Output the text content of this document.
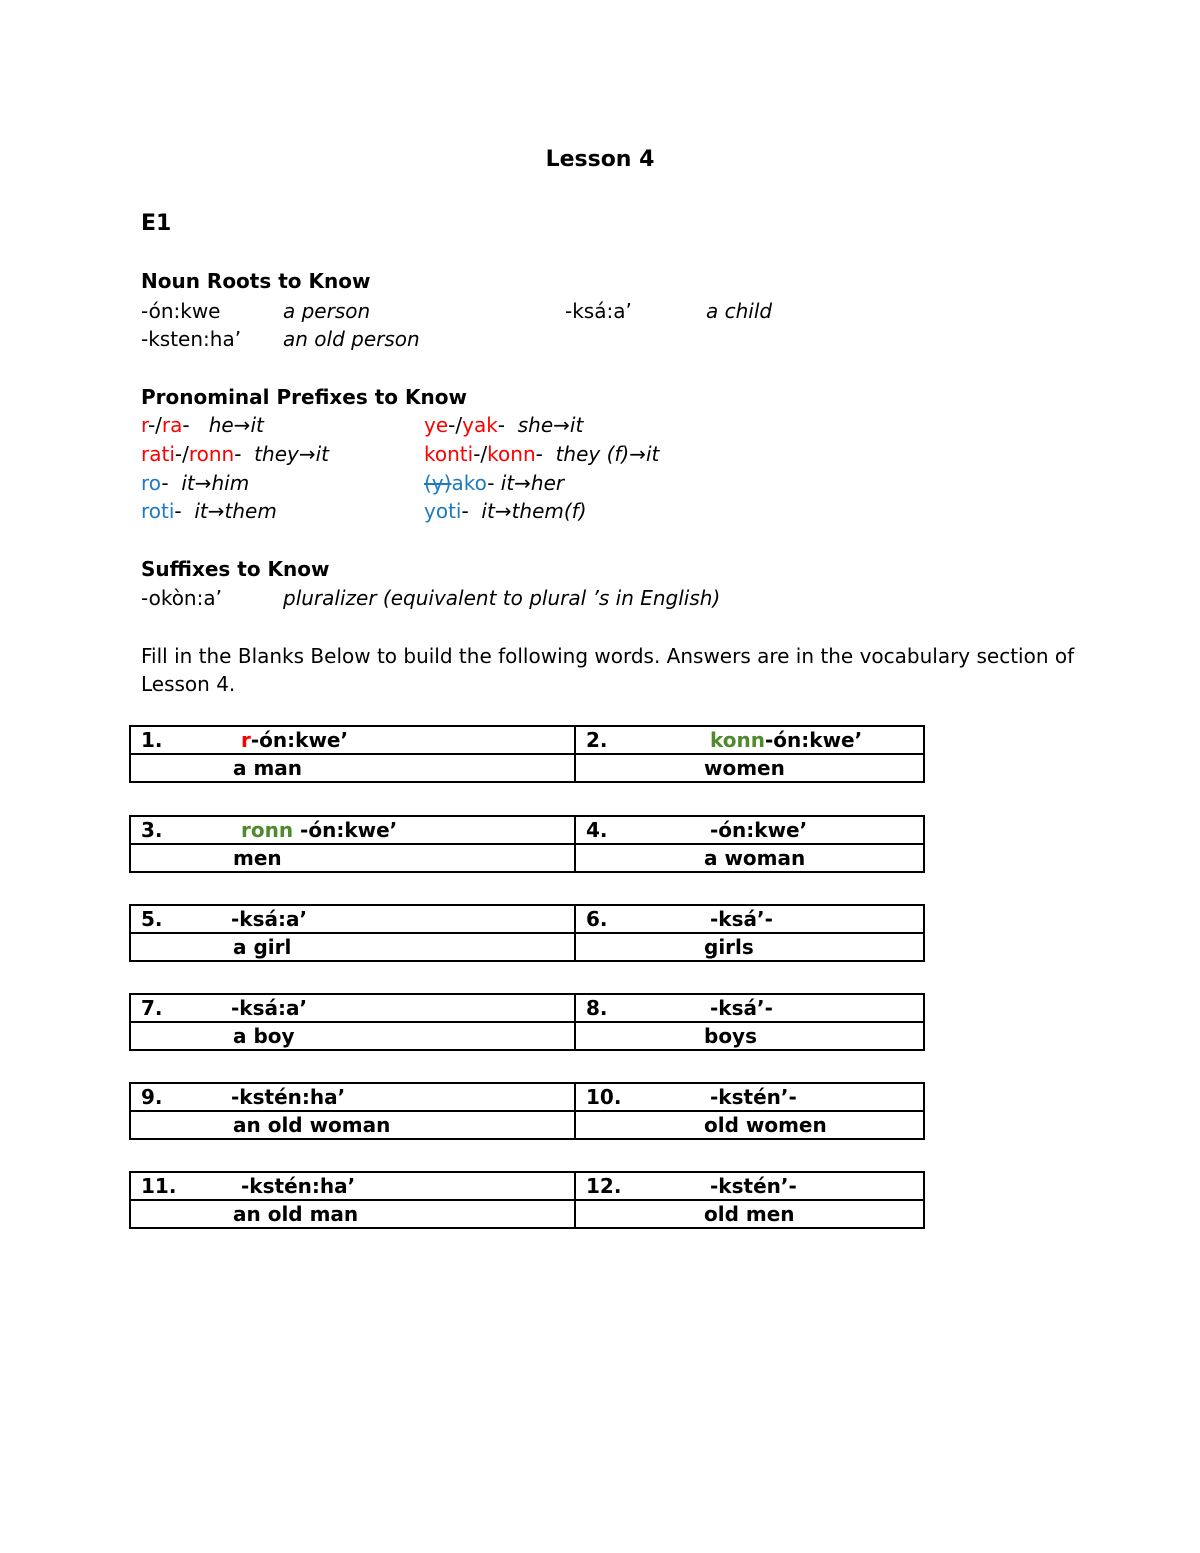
Lesson 4
E1
Noun Roots to Know
-ón:kwe	a person	-ksá:a’	a child
-ksten:ha’ an old person
Pronominal Prefixes to Know
r-/ra- he→it	ye-/yak- she→it
rati-/ronn- they→it	konti-/konn- they (f)→it
ro- it→him	(y)ako- it→her
roti- it→them	yoti- it→them(f)
Suffixes to Know
-okòn:a’	pluralizer (equivalent to plural ’s in English)
Fill in the Blanks Below to build the following words. Answers are in the vocabulary section of
Lesson 4.
1. r-ón:kwe’	2. konn-ón:kwe’
a man	women
3. ronn -ón:kwe’	4. -ón:kwe’
men	a woman
5. -ksá:a’	6. -ksá’-
a girl	girls
7. -ksá:a’	8. -ksá’-
a boy	boys
9. -kstén:ha’	10. -kstén’-
an old woman	old women
11. -kstén:ha’	12. -kstén’-
an old man	old men
